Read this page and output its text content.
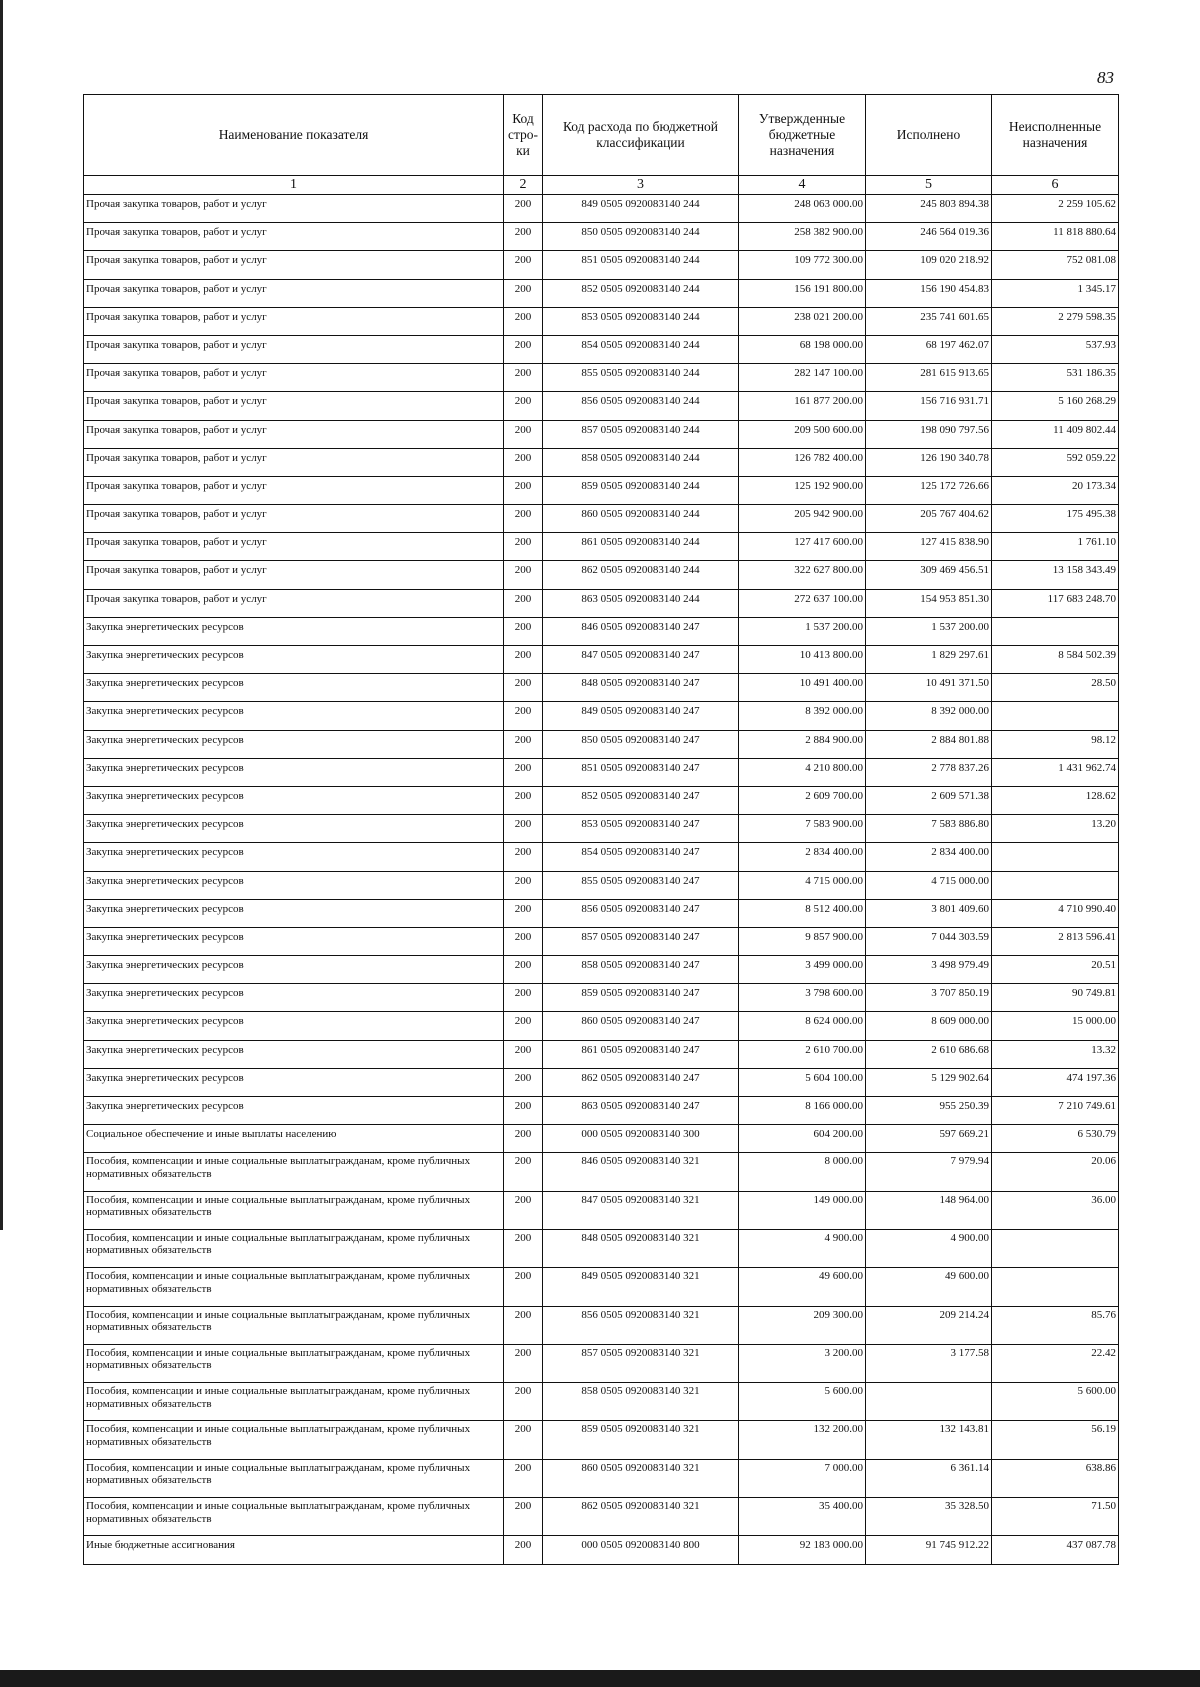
83
Наименование показателя	Код стро-ки	Код расхода по бюджетной классификации	Утвержденные бюджетные назначения	Исполнено	Неисполненные назначения
1	2	3	4	5	6
Прочая закупка товаров, работ и услуг	200	849 0505 0920083140 244	248 063 000.00	245 803 894.38	2 259 105.62
Прочая закупка товаров, работ и услуг	200	850 0505 0920083140 244	258 382 900.00	246 564 019.36	11 818 880.64
Прочая закупка товаров, работ и услуг	200	851 0505 0920083140 244	109 772 300.00	109 020 218.92	752 081.08
Прочая закупка товаров, работ и услуг	200	852 0505 0920083140 244	156 191 800.00	156 190 454.83	1 345.17
Прочая закупка товаров, работ и услуг	200	853 0505 0920083140 244	238 021 200.00	235 741 601.65	2 279 598.35
Прочая закупка товаров, работ и услуг	200	854 0505 0920083140 244	68 198 000.00	68 197 462.07	537.93
Прочая закупка товаров, работ и услуг	200	855 0505 0920083140 244	282 147 100.00	281 615 913.65	531 186.35
Прочая закупка товаров, работ и услуг	200	856 0505 0920083140 244	161 877 200.00	156 716 931.71	5 160 268.29
Прочая закупка товаров, работ и услуг	200	857 0505 0920083140 244	209 500 600.00	198 090 797.56	11 409 802.44
Прочая закупка товаров, работ и услуг	200	858 0505 0920083140 244	126 782 400.00	126 190 340.78	592 059.22
Прочая закупка товаров, работ и услуг	200	859 0505 0920083140 244	125 192 900.00	125 172 726.66	20 173.34
Прочая закупка товаров, работ и услуг	200	860 0505 0920083140 244	205 942 900.00	205 767 404.62	175 495.38
Прочая закупка товаров, работ и услуг	200	861 0505 0920083140 244	127 417 600.00	127 415 838.90	1 761.10
Прочая закупка товаров, работ и услуг	200	862 0505 0920083140 244	322 627 800.00	309 469 456.51	13 158 343.49
Прочая закупка товаров, работ и услуг	200	863 0505 0920083140 244	272 637 100.00	154 953 851.30	117 683 248.70
Закупка энергетических ресурсов	200	846 0505 0920083140 247	1 537 200.00	1 537 200.00	
Закупка энергетических ресурсов	200	847 0505 0920083140 247	10 413 800.00	1 829 297.61	8 584 502.39
Закупка энергетических ресурсов	200	848 0505 0920083140 247	10 491 400.00	10 491 371.50	28.50
Закупка энергетических ресурсов	200	849 0505 0920083140 247	8 392 000.00	8 392 000.00	
Закупка энергетических ресурсов	200	850 0505 0920083140 247	2 884 900.00	2 884 801.88	98.12
Закупка энергетических ресурсов	200	851 0505 0920083140 247	4 210 800.00	2 778 837.26	1 431 962.74
Закупка энергетических ресурсов	200	852 0505 0920083140 247	2 609 700.00	2 609 571.38	128.62
Закупка энергетических ресурсов	200	853 0505 0920083140 247	7 583 900.00	7 583 886.80	13.20
Закупка энергетических ресурсов	200	854 0505 0920083140 247	2 834 400.00	2 834 400.00	
Закупка энергетических ресурсов	200	855 0505 0920083140 247	4 715 000.00	4 715 000.00	
Закупка энергетических ресурсов	200	856 0505 0920083140 247	8 512 400.00	3 801 409.60	4 710 990.40
Закупка энергетических ресурсов	200	857 0505 0920083140 247	9 857 900.00	7 044 303.59	2 813 596.41
Закупка энергетических ресурсов	200	858 0505 0920083140 247	3 499 000.00	3 498 979.49	20.51
Закупка энергетических ресурсов	200	859 0505 0920083140 247	3 798 600.00	3 707 850.19	90 749.81
Закупка энергетических ресурсов	200	860 0505 0920083140 247	8 624 000.00	8 609 000.00	15 000.00
Закупка энергетических ресурсов	200	861 0505 0920083140 247	2 610 700.00	2 610 686.68	13.32
Закупка энергетических ресурсов	200	862 0505 0920083140 247	5 604 100.00	5 129 902.64	474 197.36
Закупка энергетических ресурсов	200	863 0505 0920083140 247	8 166 000.00	955 250.39	7 210 749.61
Социальное обеспечение и иные выплаты населению	200	000 0505 0920083140 300	604 200.00	597 669.21	6 530.79
Пособия, компенсации и иные социальные выплатыгражданам, кроме публичных нормативных обязательств	200	846 0505 0920083140 321	8 000.00	7 979.94	20.06
Пособия, компенсации и иные социальные выплатыгражданам, кроме публичных нормативных обязательств	200	847 0505 0920083140 321	149 000.00	148 964.00	36.00
Пособия, компенсации и иные социальные выплатыгражданам, кроме публичных нормативных обязательств	200	848 0505 0920083140 321	4 900.00	4 900.00	
Пособия, компенсации и иные социальные выплатыгражданам, кроме публичных нормативных обязательств	200	849 0505 0920083140 321	49 600.00	49 600.00	
Пособия, компенсации и иные социальные выплатыгражданам, кроме публичных нормативных обязательств	200	856 0505 0920083140 321	209 300.00	209 214.24	85.76
Пособия, компенсации и иные социальные выплатыгражданам, кроме публичных нормативных обязательств	200	857 0505 0920083140 321	3 200.00	3 177.58	22.42
Пособия, компенсации и иные социальные выплатыгражданам, кроме публичных нормативных обязательств	200	858 0505 0920083140 321	5 600.00		5 600.00
Пособия, компенсации и иные социальные выплатыгражданам, кроме публичных нормативных обязательств	200	859 0505 0920083140 321	132 200.00	132 143.81	56.19
Пособия, компенсации и иные социальные выплатыгражданам, кроме публичных нормативных обязательств	200	860 0505 0920083140 321	7 000.00	6 361.14	638.86
Пособия, компенсации и иные социальные выплатыгражданам, кроме публичных нормативных обязательств	200	862 0505 0920083140 321	35 400.00	35 328.50	71.50
Иные бюджетные ассигнования	200	000 0505 0920083140 800	92 183 000.00	91 745 912.22	437 087.78
